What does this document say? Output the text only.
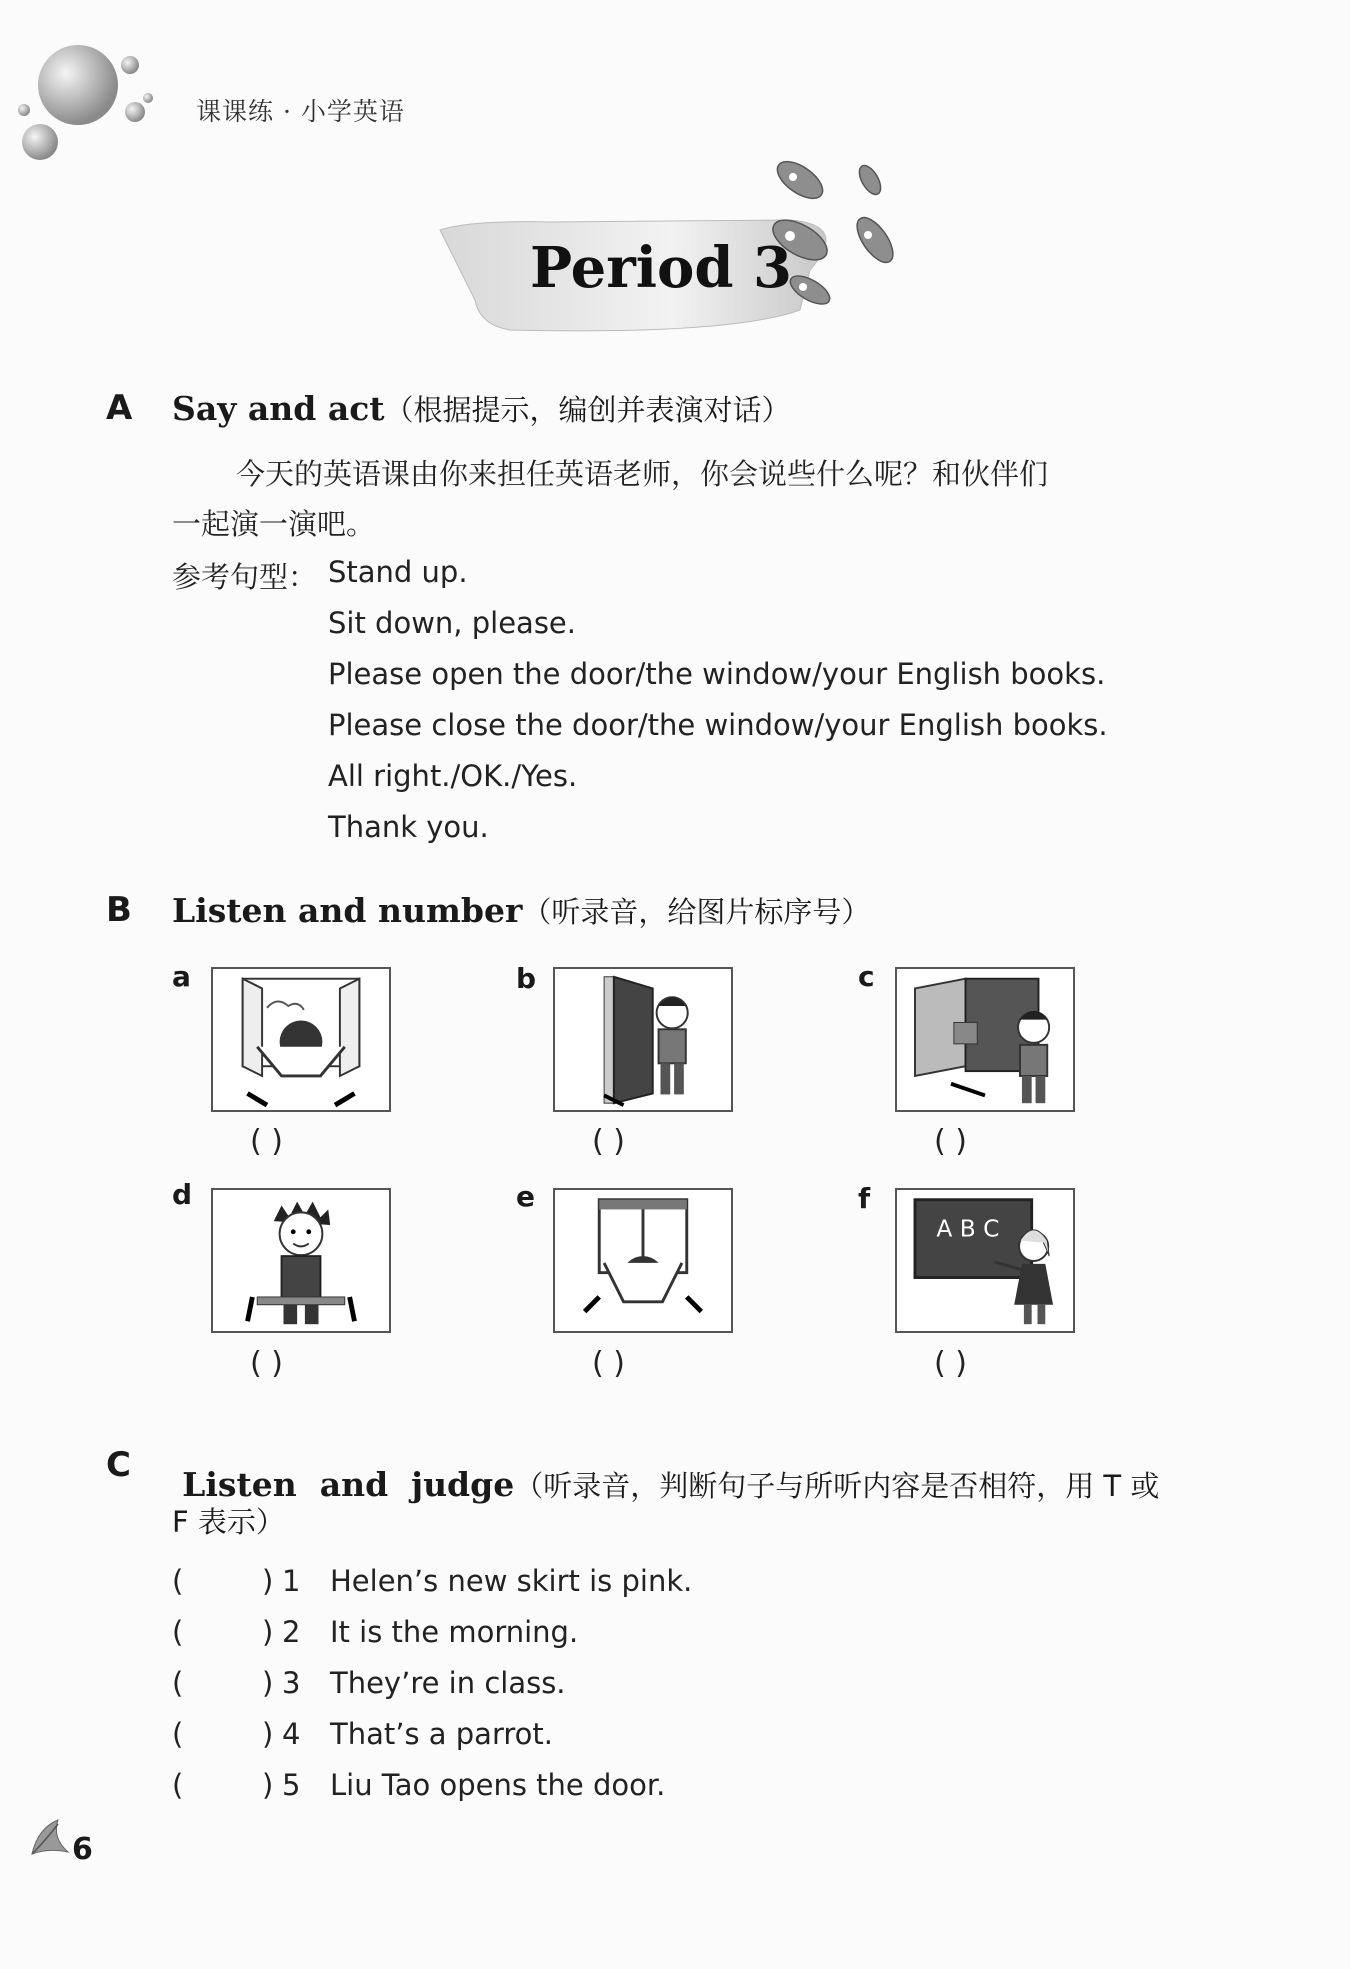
课课练 · 小学英语
Period 3
A Say and act（根据提示，编创并表演对话）
今天的英语课由你来担任英语老师，你会说些什么呢？和伙伴们
一起演一演吧。
参考句型： Stand up.
Sit down, please.
Please open the door/the window/your English books.
Please close the door/the window/your English books.
All right./OK./Yes.
Thank you.
B Listen and number（听录音，给图片标序号）
a
( )
b
( )
c
( )
d
( )
e
( )
f
A B C
( )
C	Listen  and  judge（听录音，判断句子与所听内容是否相符，用 T 或

F 表示）
(	) 1	Helen’s new skirt is pink.
(	) 2	It is the morning.
(	) 3	They’re in class.
(	) 4	That’s a parrot.
(	) 5	Liu Tao opens the door.
6
